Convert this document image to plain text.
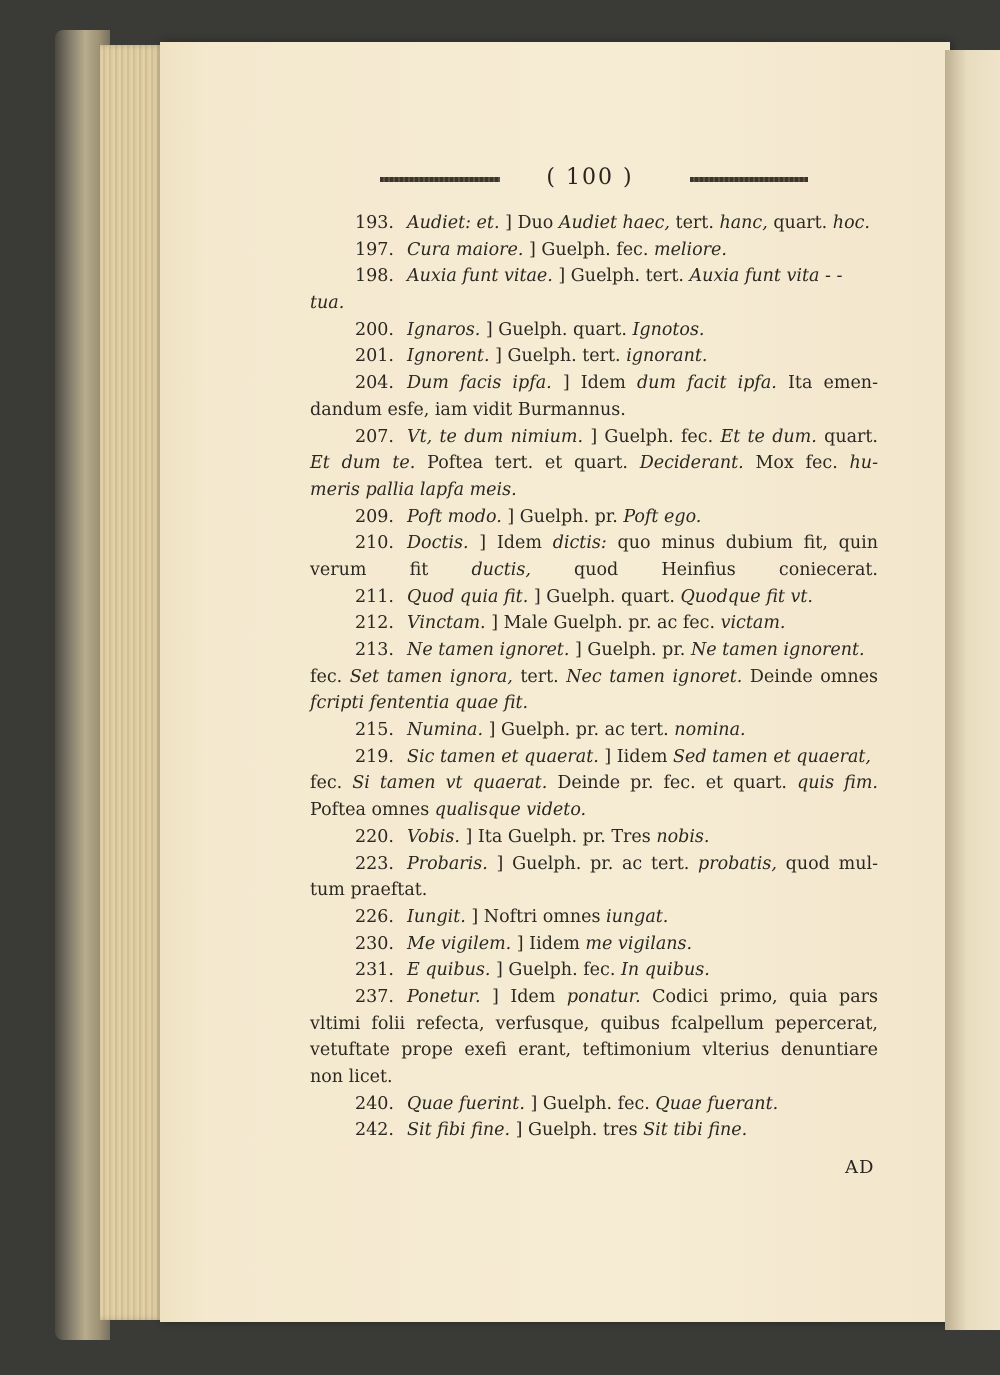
( 100 )
193.Audiet: et. ] Duo Audiet haec, tert. hanc, quart. hoc.
197.Cura maiore. ] Guelph. fec. meliore.
198.Auxia funt vitae. ] Guelph. tert. Auxia funt vita - -
tua.
200.Ignaros. ] Guelph. quart. Ignotos.
201.Ignorent. ] Guelph. tert. ignorant.
204.Dum facis ipfa. ] Idem dum facit ipfa. Ita emen-
dandum esfe, iam vidit Burmannus.
207.Vt, te dum nimium. ] Guelph. fec. Et te dum. quart.
Et dum te. Poftea tert. et quart. Deciderant. Mox fec. hu-
meris pallia lapfa meis.
209.Poft modo. ] Guelph. pr. Poft ego.
210.Doctis. ] Idem dictis: quo minus dubium fit, quin
verum fit ductis, quod Heinfius coniecerat.
211.Quod quia fit. ] Guelph. quart. Quodque fit vt.
212.Vinctam. ] Male Guelph. pr. ac fec. victam.
213.Ne tamen ignoret. ] Guelph. pr. Ne tamen ignorent.
fec. Set tamen ignora, tert. Nec tamen ignoret. Deinde omnes
fcripti fententia quae fit.
215.Numina. ] Guelph. pr. ac tert. nomina.
219.Sic tamen et quaerat. ] Iidem Sed tamen et quaerat,
fec. Si tamen vt quaerat. Deinde pr. fec. et quart. quis fim.
Poftea omnes qualisque videto.
220.Vobis. ] Ita Guelph. pr. Tres nobis.
223.Probaris. ] Guelph. pr. ac tert. probatis, quod mul-
tum praeftat.
226.Iungit. ] Noftri omnes iungat.
230.Me vigilem. ] Iidem me vigilans.
231.E quibus. ] Guelph. fec. In quibus.
237.Ponetur. ] Idem ponatur. Codici primo, quia pars
vltimi folii refecta, verfusque, quibus fcalpellum pepercerat,
vetuftate prope exefi erant, teftimonium vlterius denuntiare
non licet.
240.Quae fuerint. ] Guelph. fec. Quae fuerant.
242.Sit fibi fine. ] Guelph. tres Sit tibi fine.
AD
